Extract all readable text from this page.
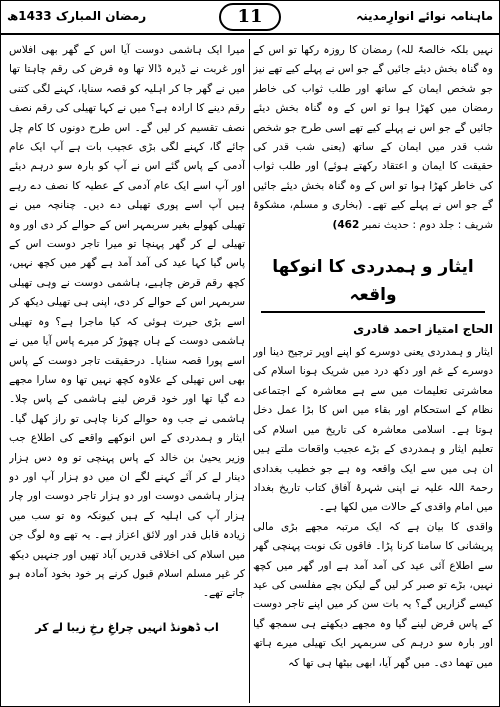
ماہنامہ نوائے انوارِمدینہ
11
رمضان المبارک 1433ھ

نہیں بلکہ خالصۃً للہ) رمضان کا روزہ رکھا تو اس کے وہ گناہ بخش دیئے جائیں گے جو اس نے پہلے کیے تھے نیز جو شخص ایمان کے ساتھ اور طلب ثواب کی خاطر رمضان میں کھڑا ہوا تو اس کے وہ گناہ بخش دیئے جائیں گے جو اس نے پہلے کیے تھے اسی طرح جو شخص شب قدر میں ایمان کے ساتھ (یعنی شب قدر کی حقیقت کا ایمان و اعتقاد رکھتے ہوئے) اور طلب ثواب کی خاطر کھڑا ہوا تو اس کے وہ گناہ بخش دیئے جائیں گے جو اس نے پہلے کیے تھے۔ (بخاری و مسلم، مشکوۃ شریف : جلد دوم : حدیث نمبر 462)

ایثار و ہمدردی کا انوکھا واقعہ
الحاج امتیاز احمد قادری

ایثار و ہمدردی یعنی دوسرے کو اپنے اوپر ترجیح دینا اور دوسرے کے غم اور دکھ درد میں شریک ہونا اسلام کی معاشرتی تعلیمات میں سے ہے معاشرہ کے اجتماعی نظام کے استحکام اور بقاء میں اس کا بڑا عمل دخل ہوتا ہے۔ اسلامی معاشرہ کی تاریخ میں اسلام کی تعلیم ایثار و ہمدردی کے بڑے عجیب واقعات ملتے ہیں ان ہی میں سے ایک واقعہ وہ ہے جو خطیب بغدادی رحمۃ اللہ علیہ نے اپنی شہرۂ آفاق کتاب تاریخ بغداد میں امام واقدی کے حالات میں لکھا ہے۔

واقدی کا بیان ہے کہ ایک مرتبہ مجھے بڑی مالی پریشانی کا سامنا کرنا پڑا۔ فاقوں تک نوبت پہنچی گھر سے اطلاع آئی عید کی آمد آمد ہے اور گھر میں کچھ نہیں، بڑے تو صبر کر لیں گے لیکن بچے مفلسی کی عید کیسے گزاریں گے؟ یہ بات سن کر میں اپنے تاجر دوست کے پاس قرض لینے گیا وہ مجھے دیکھتے ہی سمجھ گیا اور بارہ سو درہم کی سربمہر ایک تھیلی میرے ہاتھ میں تھما دی۔ میں گھر آیا، ابھی بیٹھا ہی تھا کہ

میرا ایک ہاشمی دوست آیا اس کے گھر بھی افلاس اور غربت نے ڈیرہ ڈالا تھا وہ قرض کی رقم چاہتا تھا میں نے گھر جا کر اہلیہ کو قصہ سنایا، کہنے لگی کتنی رقم دینے کا ارادہ ہے؟ میں نے کہا تھیلی کی رقم نصف نصف تقسیم کر لیں گے۔ اس طرح دونوں کا کام چل جائے گا، کہنے لگی بڑی عجیب بات ہے آپ ایک عام آدمی کے پاس گئے اس نے آپ کو بارہ سو درہم دیئے اور آپ اسے ایک عام آدمی کے عطیہ کا نصف دے رہے ہیں آپ اسے پوری تھیلی دے دیں۔ چنانچہ میں نے تھیلی کھولے بغیر سربمہر اس کے حوالے کر دی اور وہ تھیلی لے کر گھر پہنچا تو میرا تاجر دوست اس کے پاس گیا کہا عید کی آمد آمد ہے گھر میں کچھ نہیں، کچھ رقم قرض چاہیے، ہاشمی دوست نے وہی تھیلی سربمہر اس کے حوالے کر دی، اپنی ہی تھیلی دیکھ کر اسے بڑی حیرت ہوئی کہ کیا ماجرا ہے؟ وہ تھیلی ہاشمی دوست کے ہاں چھوڑ کر میرے پاس آیا میں نے اسے پورا قصہ سنایا۔ درحقیقت تاجر دوست کے پاس بھی اس تھیلی کے علاوہ کچھ نہیں تھا وہ سارا مجھے دے گیا تھا اور خود قرض لینے ہاشمی کے پاس چلا۔ ہاشمی نے جب وہ حوالے کرنا چاہی تو راز کھل گیا۔ ایثار و ہمدردی کے اس انوکھے واقعے کی اطلاع جب وزیر یحییٰ بن خالد کے پاس پہنچی تو وہ دس ہزار دینار لے کر آئے کہنے لگے ان میں دو ہزار آپ اور دو ہزار ہاشمی دوست اور دو ہزار تاجر دوست اور چار ہزار آپ کی اہلیہ کے ہیں کیونکہ وہ تو سب میں زیادہ قابل قدر اور لائق اعزاز ہے۔ یہ تھے وہ لوگ جن میں اسلام کی اخلاقی قدریں آباد تھیں اور جنہیں دیکھ کر غیر مسلم اسلام قبول کرنے پر خود بخود آمادہ ہو جاتے تھے۔

اب ڈھونڈ انہیں چراغِ رخِ زیبا لے کر
